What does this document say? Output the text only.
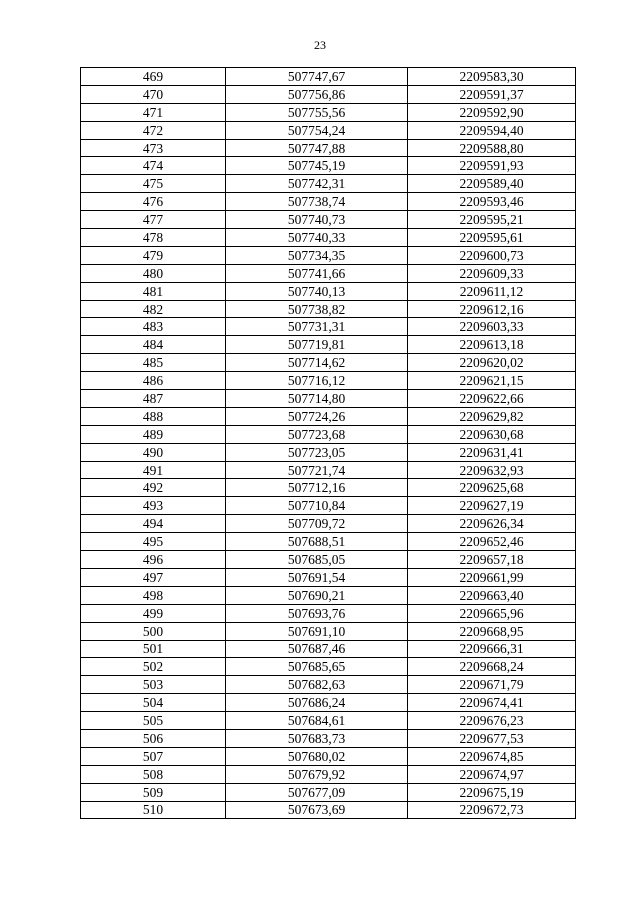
23
469	507747,67	2209583,30
470	507756,86	2209591,37
471	507755,56	2209592,90
472	507754,24	2209594,40
473	507747,88	2209588,80
474	507745,19	2209591,93
475	507742,31	2209589,40
476	507738,74	2209593,46
477	507740,73	2209595,21
478	507740,33	2209595,61
479	507734,35	2209600,73
480	507741,66	2209609,33
481	507740,13	2209611,12
482	507738,82	2209612,16
483	507731,31	2209603,33
484	507719,81	2209613,18
485	507714,62	2209620,02
486	507716,12	2209621,15
487	507714,80	2209622,66
488	507724,26	2209629,82
489	507723,68	2209630,68
490	507723,05	2209631,41
491	507721,74	2209632,93
492	507712,16	2209625,68
493	507710,84	2209627,19
494	507709,72	2209626,34
495	507688,51	2209652,46
496	507685,05	2209657,18
497	507691,54	2209661,99
498	507690,21	2209663,40
499	507693,76	2209665,96
500	507691,10	2209668,95
501	507687,46	2209666,31
502	507685,65	2209668,24
503	507682,63	2209671,79
504	507686,24	2209674,41
505	507684,61	2209676,23
506	507683,73	2209677,53
507	507680,02	2209674,85
508	507679,92	2209674,97
509	507677,09	2209675,19
510	507673,69	2209672,73
